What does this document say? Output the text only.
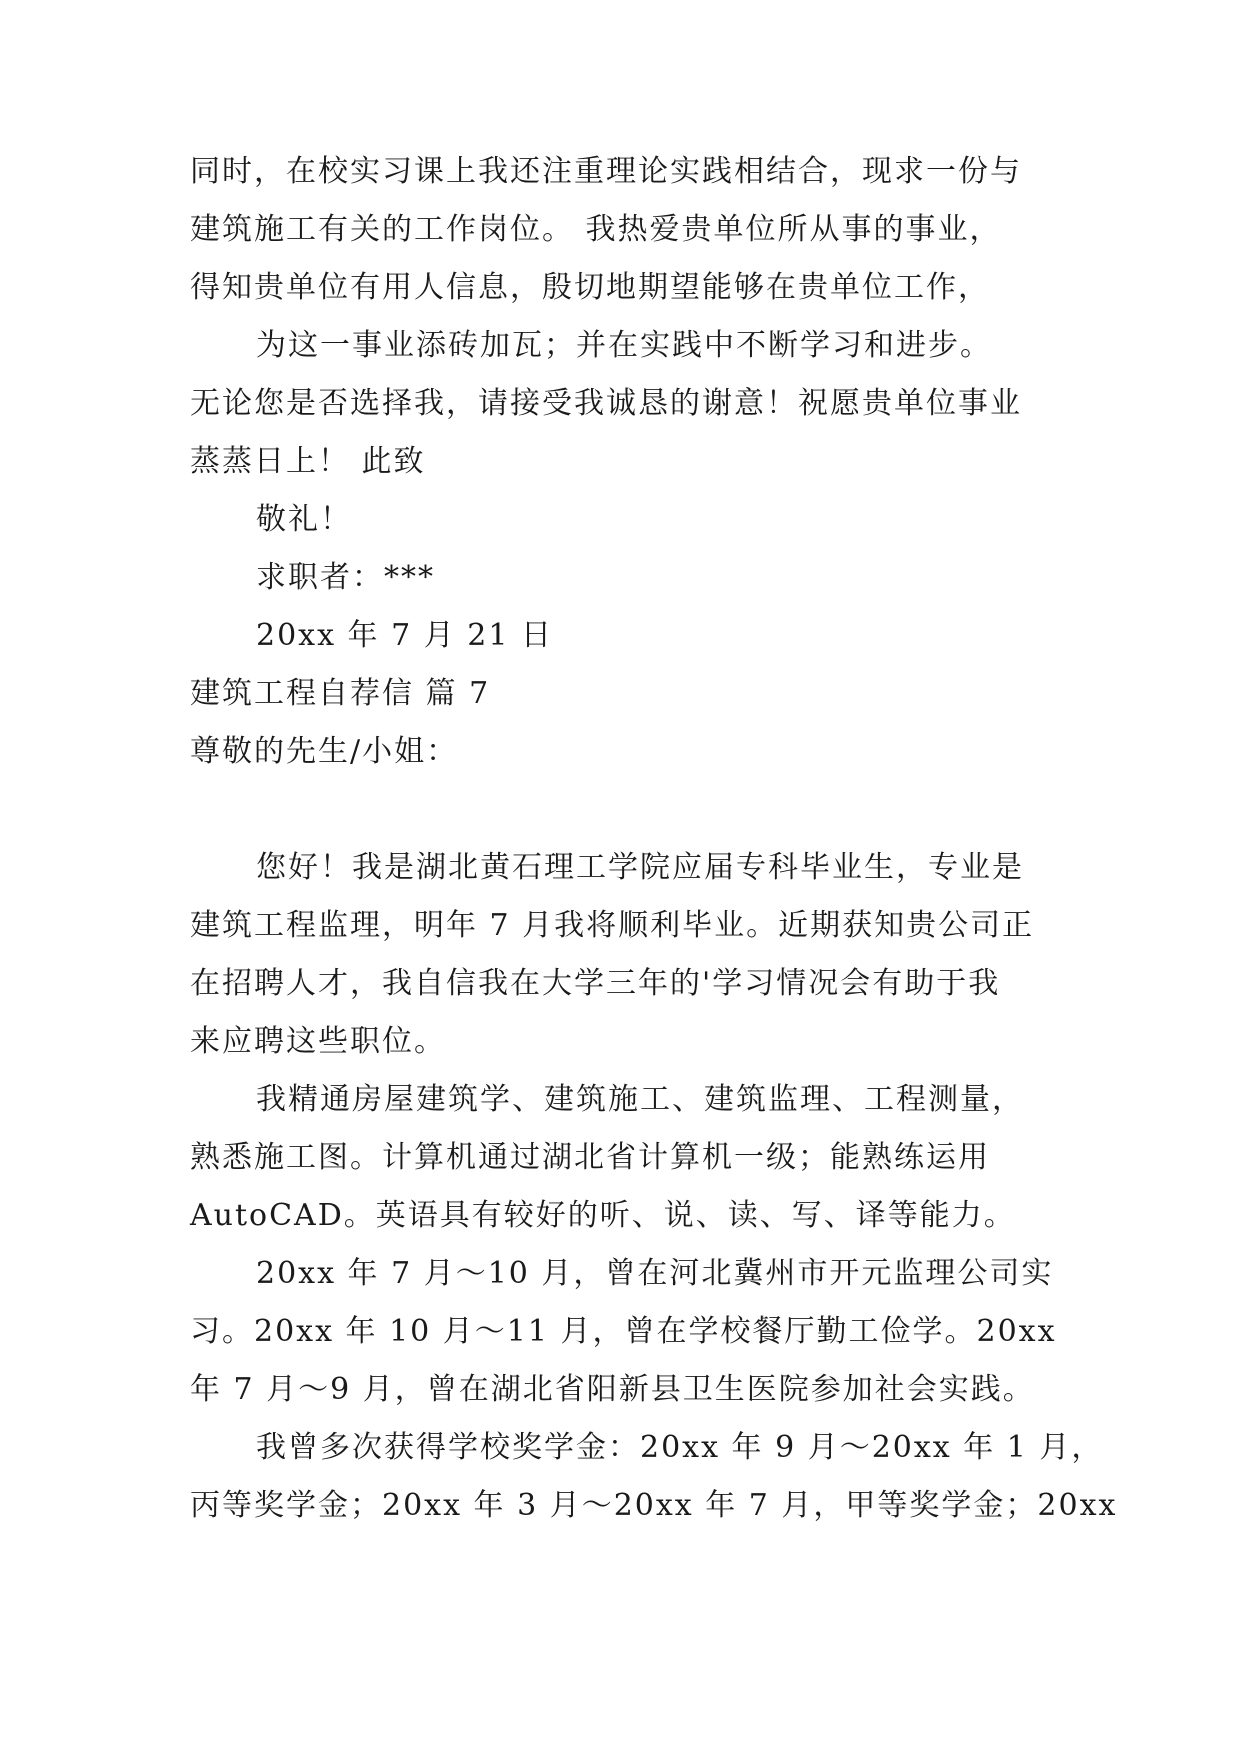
同时，在校实习课上我还注重理论实践相结合，现求一份与
建筑施工有关的工作岗位。 我热爱贵单位所从事的事业，
得知贵单位有用人信息，殷切地期望能够在贵单位工作，
为这一事业添砖加瓦；并在实践中不断学习和进步。
无论您是否选择我，请接受我诚恳的谢意！祝愿贵单位事业
蒸蒸日上！ 此致
敬礼！
求职者：***
20xx 年 7 月 21 日
建筑工程自荐信 篇 7
尊敬的先生/小姐：
您好！我是湖北黄石理工学院应届专科毕业生，专业是
建筑工程监理，明年 7 月我将顺利毕业。近期获知贵公司正
在招聘人才，我自信我在大学三年的'学习情况会有助于我
来应聘这些职位。
我精通房屋建筑学、建筑施工、建筑监理、工程测量，
熟悉施工图。计算机通过湖北省计算机一级；能熟练运用
AutoCAD。英语具有较好的听、说、读、写、译等能力。
20xx 年 7 月～10 月，曾在河北冀州市开元监理公司实
习。20xx 年 10 月～11 月，曾在学校餐厅勤工俭学。20xx
年 7 月～9 月，曾在湖北省阳新县卫生医院参加社会实践。
我曾多次获得学校奖学金：20xx 年 9 月～20xx 年 1 月，
丙等奖学金；20xx 年 3 月～20xx 年 7 月，甲等奖学金；20xx
